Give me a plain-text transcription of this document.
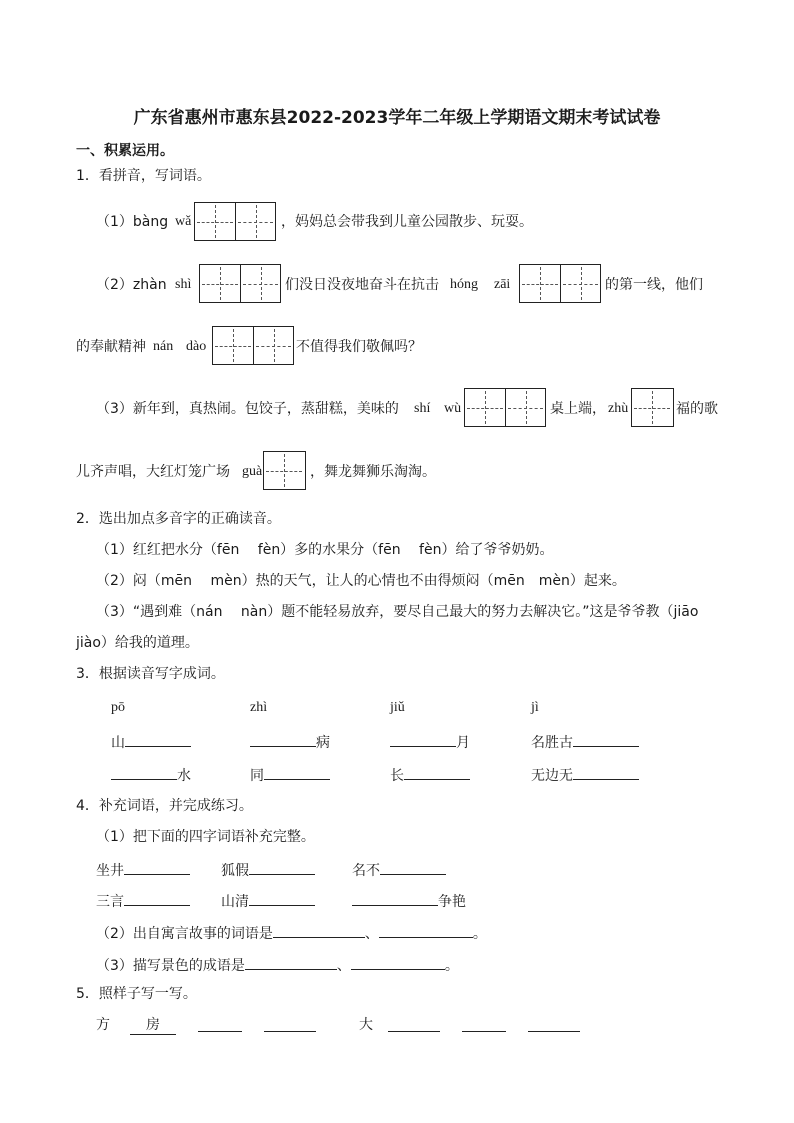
广东省惠州市惠东县2022-2023学年二年级上学期语文期末考试试卷
一、积累运用。
1．看拼音，写词语。
（1）bàng wǎ	，妈妈总会带我到儿童公园散步、玩耍。
（2）zhàn shì	们没日没夜地奋斗在抗击 hóng zāi	的第一线，他们
的奉献精神 nán dào	不值得我们敬佩吗？
（3）新年到，真热闹。包饺子，蒸甜糕，美味的 shí wù	桌上端， zhù	福的歌
儿齐声唱，大红灯笼广场 guà	，舞龙舞狮乐淘淘。
2．选出加点多音字的正确读音。
（1）红红把水分（fēn　 fèn）多的水果分（fēn　 fèn）给了爷爷奶奶。
（2）闷（mēn　 mèn）热的天气，让人的心情也不由得烦闷（mēn　mèn）起来。
（3）“遇到难（nán　 nàn）题不能轻易放弃，要尽自己最大的努力去解决它。”这是爷爷教（jiāo
jiào）给我的道理。
3．根据读音写字成词。
pō	zhì	jiǔ	jì
山	病	月	名胜古
水	同	长	无边无
4．补充词语，并完成练习。
（1）把下面的四字词语补充完整。
坐井	狐假	名不
三言	山清	争艳
（2）出自寓言故事的词语是	、	。
（3）描写景色的成语是	、	。
5．照样子写一写。
方	房	大
